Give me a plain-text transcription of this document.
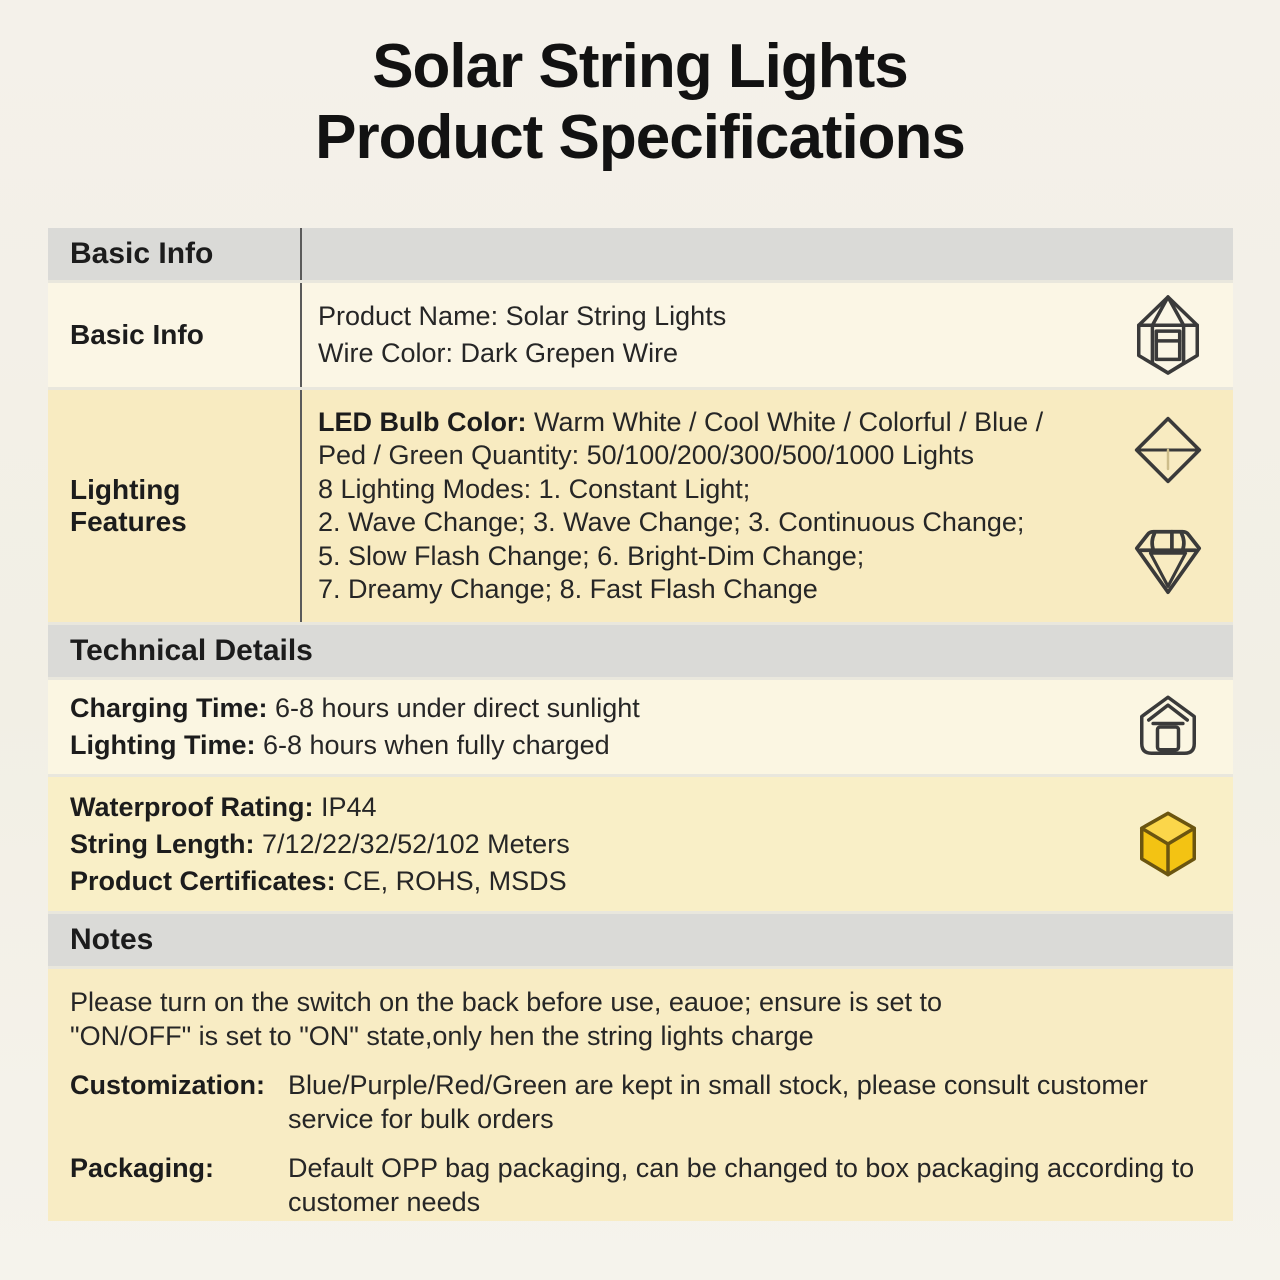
Solar String Lights
Product Specifications
Basic Info
Basic Info
Product Name: Solar String Lights
Wire Color: Dark Grepen Wire
Lighting Features
LED Bulb Color: Warm White / Cool White / Colorful / Blue /
Ped / Green Quantity: 50/100/200/300/500/1000 Lights
8 Lighting Modes: 1. Constant Light;
2. Wave Change; 3. Wave Change; 3. Continuous Change;
5. Slow Flash Change; 6. Bright-Dim Change;
7. Dreamy Change; 8. Fast Flash Change
Technical Details
Charging Time: 6-8 hours under direct sunlight
Lighting Time: 6-8 hours when fully charged
Waterproof Rating: IP44
String Length: 7/12/22/32/52/102 Meters
Product Certificates: CE, ROHS, MSDS
Notes
Please turn on the switch on the back before use, eauoe; ensure is set to
"ON/OFF" is set to "ON" state,only hen the string lights charge
Customization: Blue/Purple/Red/Green are kept in small stock, please consult customer service for bulk orders
Packaging:	Default OPP bag packaging, can be changed to box packaging according to customer needs
